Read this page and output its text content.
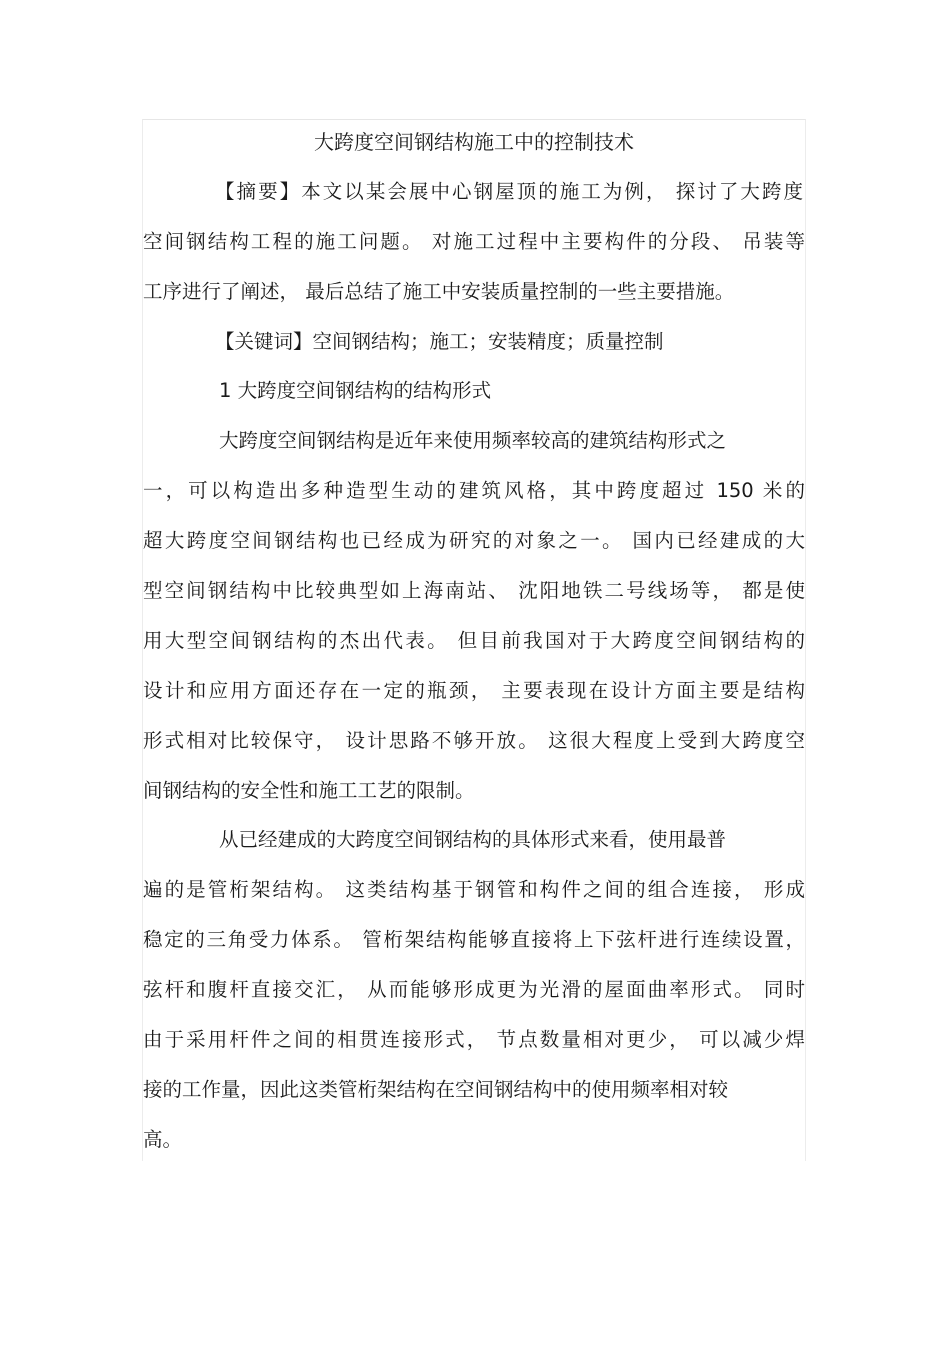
大跨度空间钢结构施工中的控制技术
【摘要】本文以某会展中心钢屋顶的施工为例， 探讨了大跨度
空间钢结构工程的施工问题。 对施工过程中主要构件的分段、 吊装等
工序进行了阐述， 最后总结了施工中安装质量控制的一些主要措施。
【关键词】空间钢结构；施工；安装精度；质量控制
1 大跨度空间钢结构的结构形式
大跨度空间钢结构是近年来使用频率较高的建筑结构形式之
一，可以构造出多种造型生动的建筑风格，其中跨度超过 150 米的
超大跨度空间钢结构也已经成为研究的对象之一。 国内已经建成的大
型空间钢结构中比较典型如上海南站、 沈阳地铁二号线场等， 都是使
用大型空间钢结构的杰出代表。 但目前我国对于大跨度空间钢结构的
设计和应用方面还存在一定的瓶颈， 主要表现在设计方面主要是结构
形式相对比较保守， 设计思路不够开放。 这很大程度上受到大跨度空
间钢结构的安全性和施工工艺的限制。
从已经建成的大跨度空间钢结构的具体形式来看，使用最普
遍的是管桁架结构。 这类结构基于钢管和构件之间的组合连接， 形成
稳定的三角受力体系。 管桁架结构能够直接将上下弦杆进行连续设置，
弦杆和腹杆直接交汇， 从而能够形成更为光滑的屋面曲率形式。 同时
由于采用杆件之间的相贯连接形式， 节点数量相对更少， 可以减少焊
接的工作量，因此这类管桁架结构在空间钢结构中的使用频率相对较
高。
